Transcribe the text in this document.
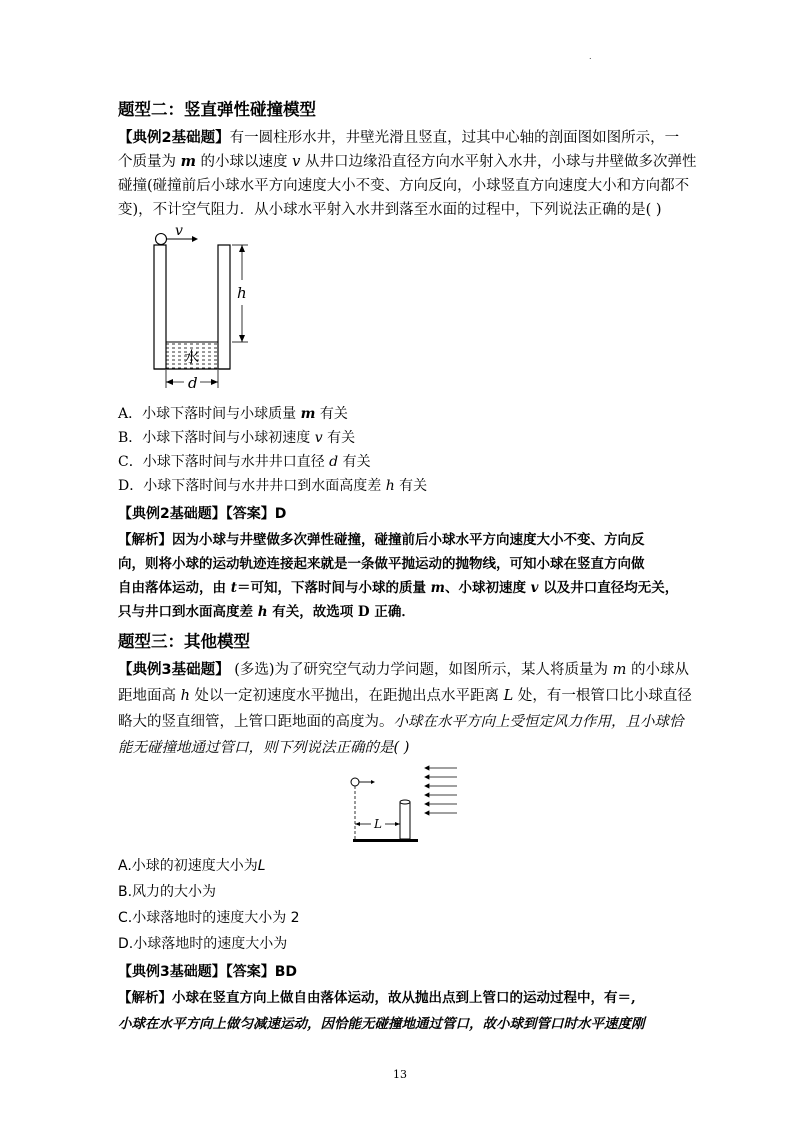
.
题型二：竖直弹性碰撞模型
【典例2基础题】有一圆柱形水井，井壁光滑且竖直，过其中心轴的剖面图如图所示，一
个质量为 m 的小球以速度 v 从井口边缘沿直径方向水平射入水井，小球与井壁做多次弹性
碰撞(碰撞前后小球水平方向速度大小不变、方向反向，小球竖直方向速度大小和方向都不
变)，不计空气阻力．从小球水平射入水井到落至水面的过程中，下列说法正确的是( )
水
v
h
d
A．小球下落时间与小球质量 m 有关
B．小球下落时间与小球初速度 v 有关
C．小球下落时间与水井井口直径 d 有关
D．小球下落时间与水井井口到水面高度差 h 有关
【典例2基础题】【答案】D
【解析】因为小球与井壁做多次弹性碰撞，碰撞前后小球水平方向速度大小不变、方向反
向，则将小球的运动轨迹连接起来就是一条做平抛运动的抛物线，可知小球在竖直方向做
自由落体运动，由 t＝可知，下落时间与小球的质量 m、小球初速度 v 以及井口直径均无关，
只与井口到水面高度差 h 有关，故选项 D 正确．
题型三：其他模型
【典例3基础题】 (多选)为了研究空气动力学问题，如图所示，某人将质量为 m 的小球从
距地面高 h 处以一定初速度水平抛出，在距抛出点水平距离 L 处，有一根管口比小球直径
略大的竖直细管，上管口距地面的高度为。小球在水平方向上受恒定风力作用，且小球恰
能无碰撞地通过管口，则下列说法正确的是( )
L
A.小球的初速度大小为L
B.风力的大小为
C.小球落地时的速度大小为 2
D.小球落地时的速度大小为
【典例3基础题】【答案】BD
【解析】小球在竖直方向上做自由落体运动，故从抛出点到上管口的运动过程中，有＝,
小球在水平方向上做匀减速运动，因恰能无碰撞地通过管口，故小球到管口时水平速度刚
13
